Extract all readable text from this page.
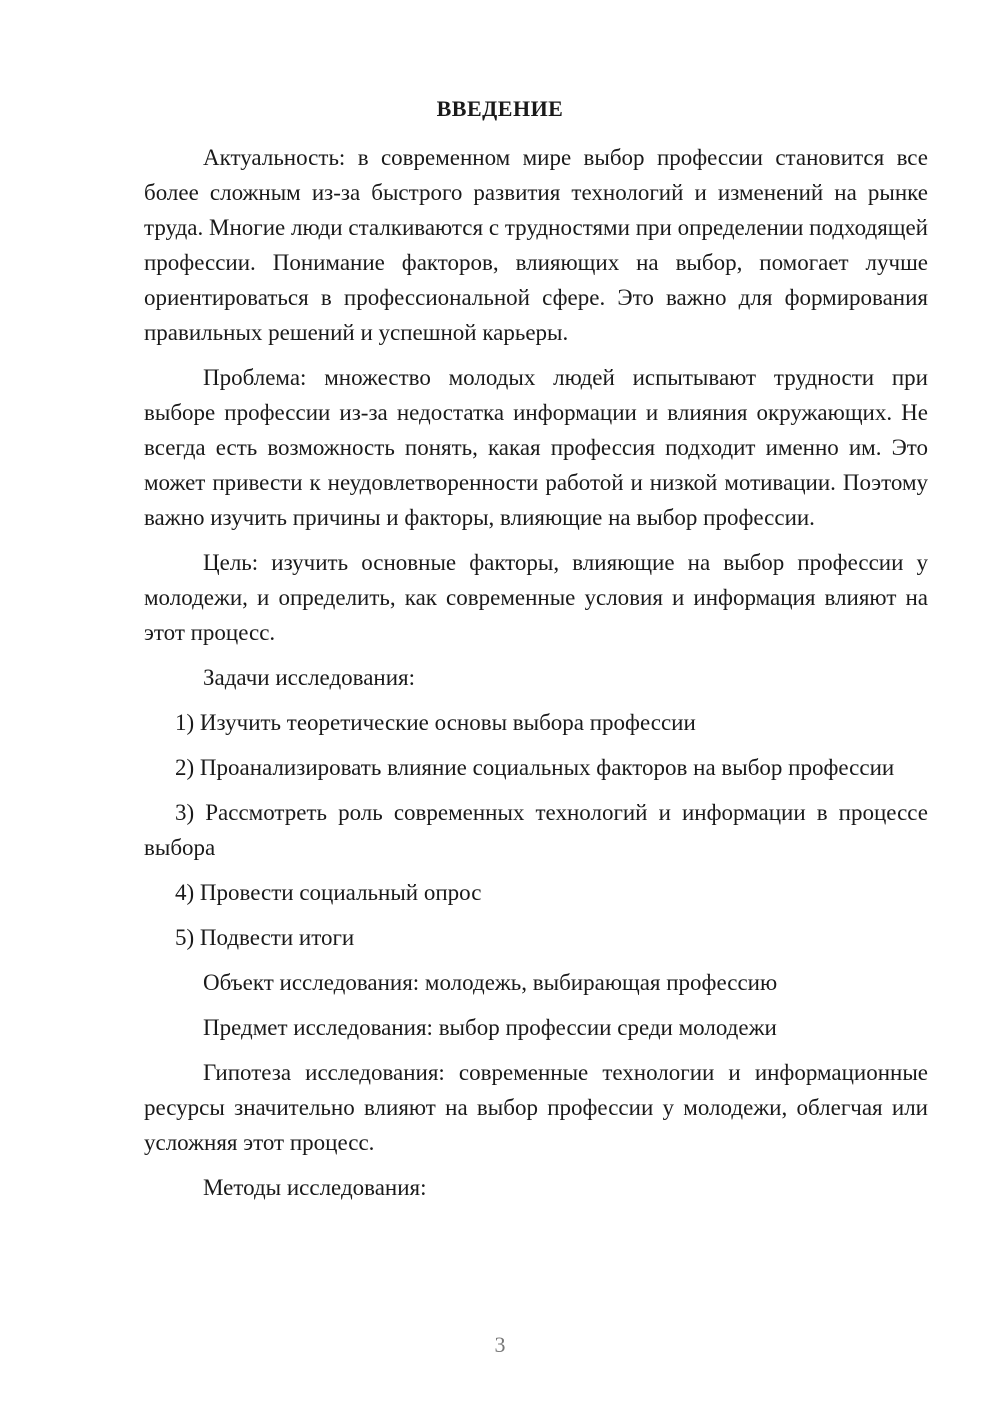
ВВЕДЕНИЕ

Актуальность: в современном мире выбор профессии становится все более сложным из-за быстрого развития технологий и изменений на рынке труда. Многие люди сталкиваются с трудностями при определении подходящей профессии. Понимание факторов, влияющих на выбор, помогает лучше ориентироваться в профессиональной сфере. Это важно для формирования правильных решений и успешной карьеры.

Проблема: множество молодых людей испытывают трудности при выборе профессии из-за недостатка информации и влияния окружающих. Не всегда есть возможность понять, какая профессия подходит именно им. Это может привести к неудовлетворенности работой и низкой мотивации. Поэтому важно изучить причины и факторы, влияющие на выбор профессии.

Цель: изучить основные факторы, влияющие на выбор профессии у молодежи, и определить, как современные условия и информация влияют на этот процесс.

Задачи исследования:

1) Изучить теоретические основы выбора профессии

2) Проанализировать влияние социальных факторов на выбор профессии

3) Рассмотреть роль современных технологий и информации в процессе выбора

4) Провести социальный опрос

5) Подвести итоги

Объект исследования: молодежь, выбирающая профессию

Предмет исследования: выбор профессии среди молодежи

Гипотеза исследования: современные технологии и информационные ресурсы значительно влияют на выбор профессии у молодежи, облегчая или усложняя этот процесс.

Методы исследования:

3
